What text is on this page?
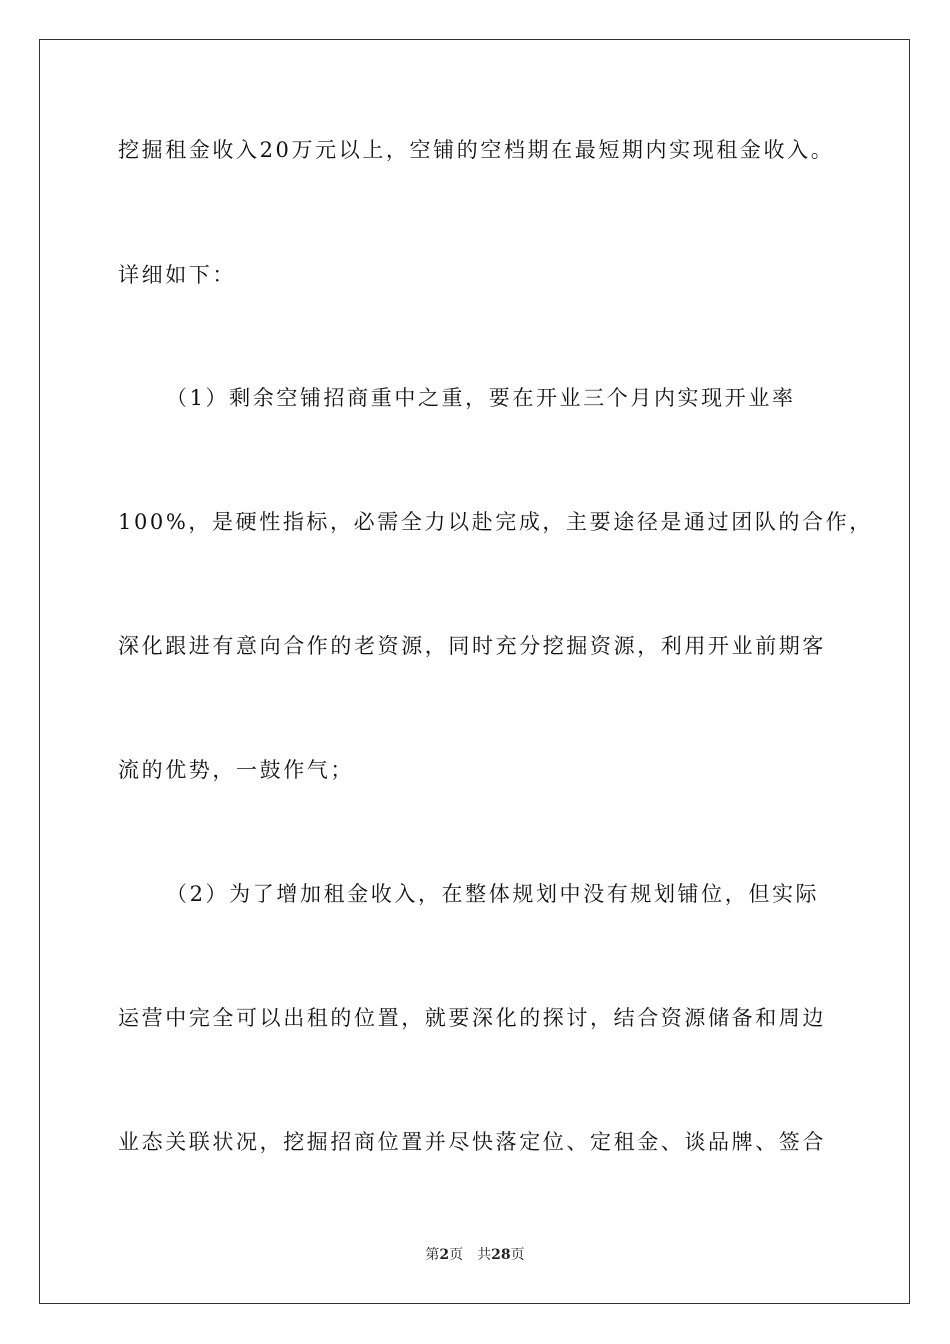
挖掘租金收入20万元以上，空铺的空档期在最短期内实现租金收入。
详细如下：
（1）剩余空铺招商重中之重，要在开业三个月内实现开业率
100%，是硬性指标，必需全力以赴完成，主要途径是通过团队的合作，
深化跟进有意向合作的老资源，同时充分挖掘资源，利用开业前期客
流的优势，一鼓作气；
（2）为了增加租金收入，在整体规划中没有规划铺位，但实际
运营中完全可以出租的位置，就要深化的探讨，结合资源储备和周边
业态关联状况，挖掘招商位置并尽快落定位、定租金、谈品牌、签合
第2页 共28页
